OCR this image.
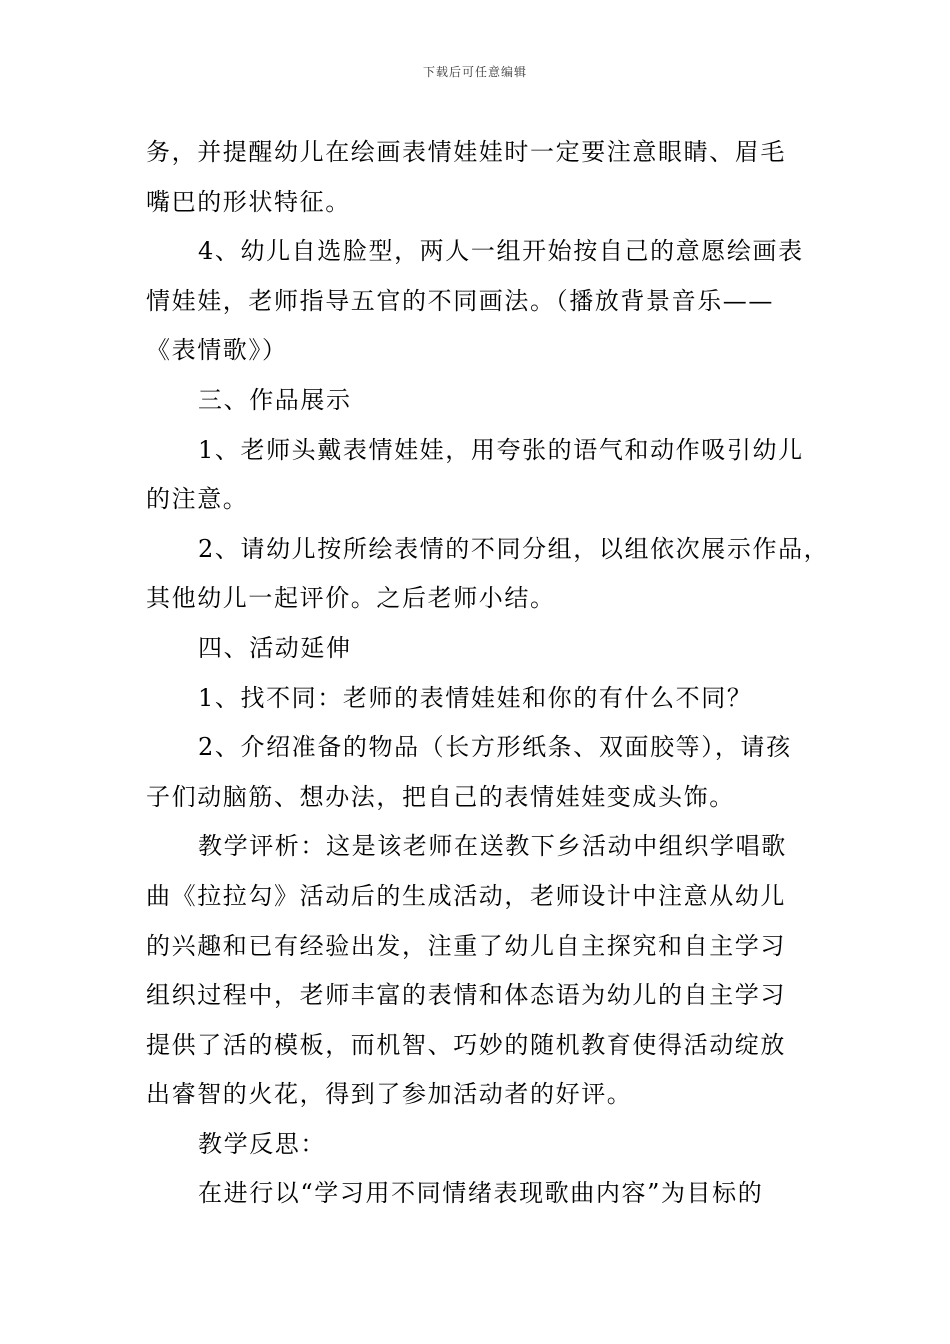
下载后可任意编辑
务，并提醒幼儿在绘画表情娃娃时一定要注意眼睛、眉毛
嘴巴的形状特征。
4、幼儿自选脸型，两人一组开始按自己的意愿绘画表
情娃娃，老师指导五官的不同画法。（播放背景音乐——
《表情歌》）
三、作品展示
1、老师头戴表情娃娃，用夸张的语气和动作吸引幼儿
的注意。
2、请幼儿按所绘表情的不同分组，以组依次展示作品，
其他幼儿一起评价。之后老师小结。
四、活动延伸
1、找不同：老师的表情娃娃和你的有什么不同？
2、介绍准备的物品（长方形纸条、双面胶等），请孩
子们动脑筋、想办法，把自己的表情娃娃变成头饰。
教学评析：这是该老师在送教下乡活动中组织学唱歌
曲《拉拉勾》活动后的生成活动，老师设计中注意从幼儿
的兴趣和已有经验出发，注重了幼儿自主探究和自主学习
组织过程中，老师丰富的表情和体态语为幼儿的自主学习
提供了活的模板，而机智、巧妙的随机教育使得活动绽放
出睿智的火花，得到了参加活动者的好评。
教学反思：
在进行以“学习用不同情绪表现歌曲内容”为目标的
